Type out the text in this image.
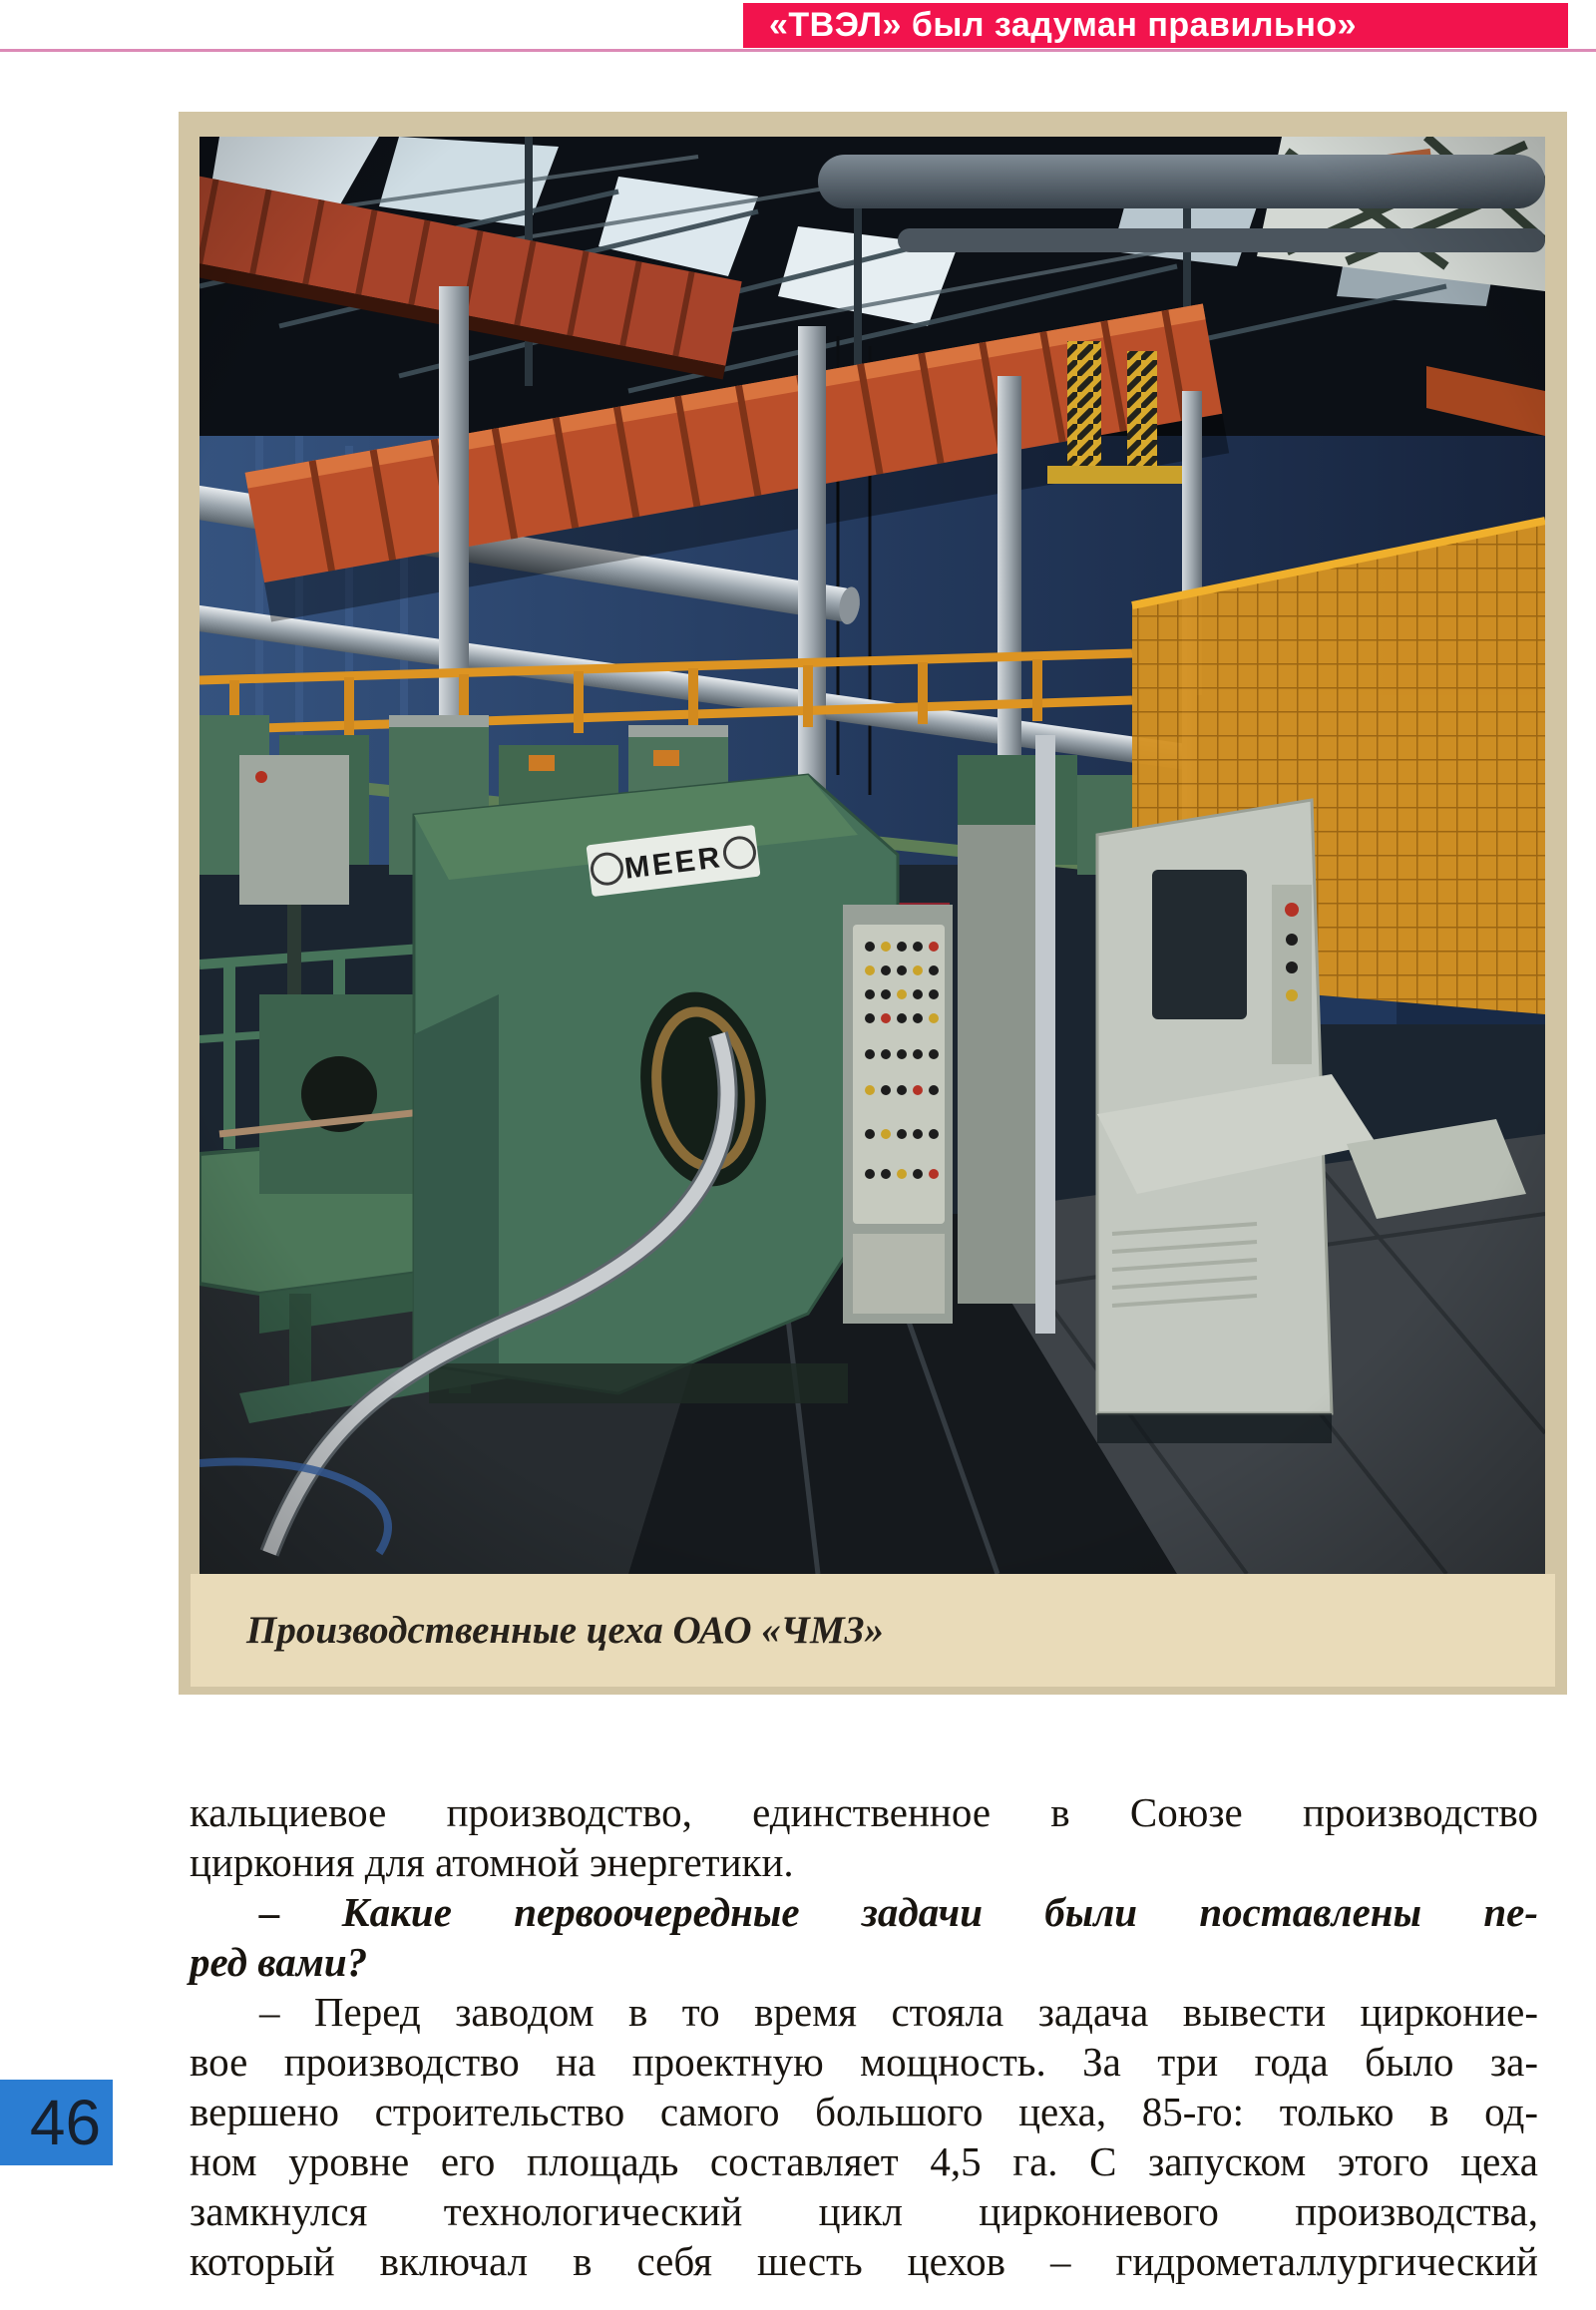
«ТВЭЛ» был задуман правильно»
Производственные цеха ОАО «ЧМЗ»
кальциевое производство, единственное в Союзе производство
циркония для атомной энергетики.
– Какие первоочередные задачи были поставлены пе-
ред вами?
– Перед заводом в то время стояла задача вывести цирконие-
вое производство на проектную мощность. За три года было за-
вершено строительство самого большого цеха, 85-го: только в од-
ном уровне его площадь составляет 4,5 га. С запуском этого цеха
замкнулся технологический цикл циркониевого производства,
который включал в себя шесть цехов – гидрометаллургический
46
